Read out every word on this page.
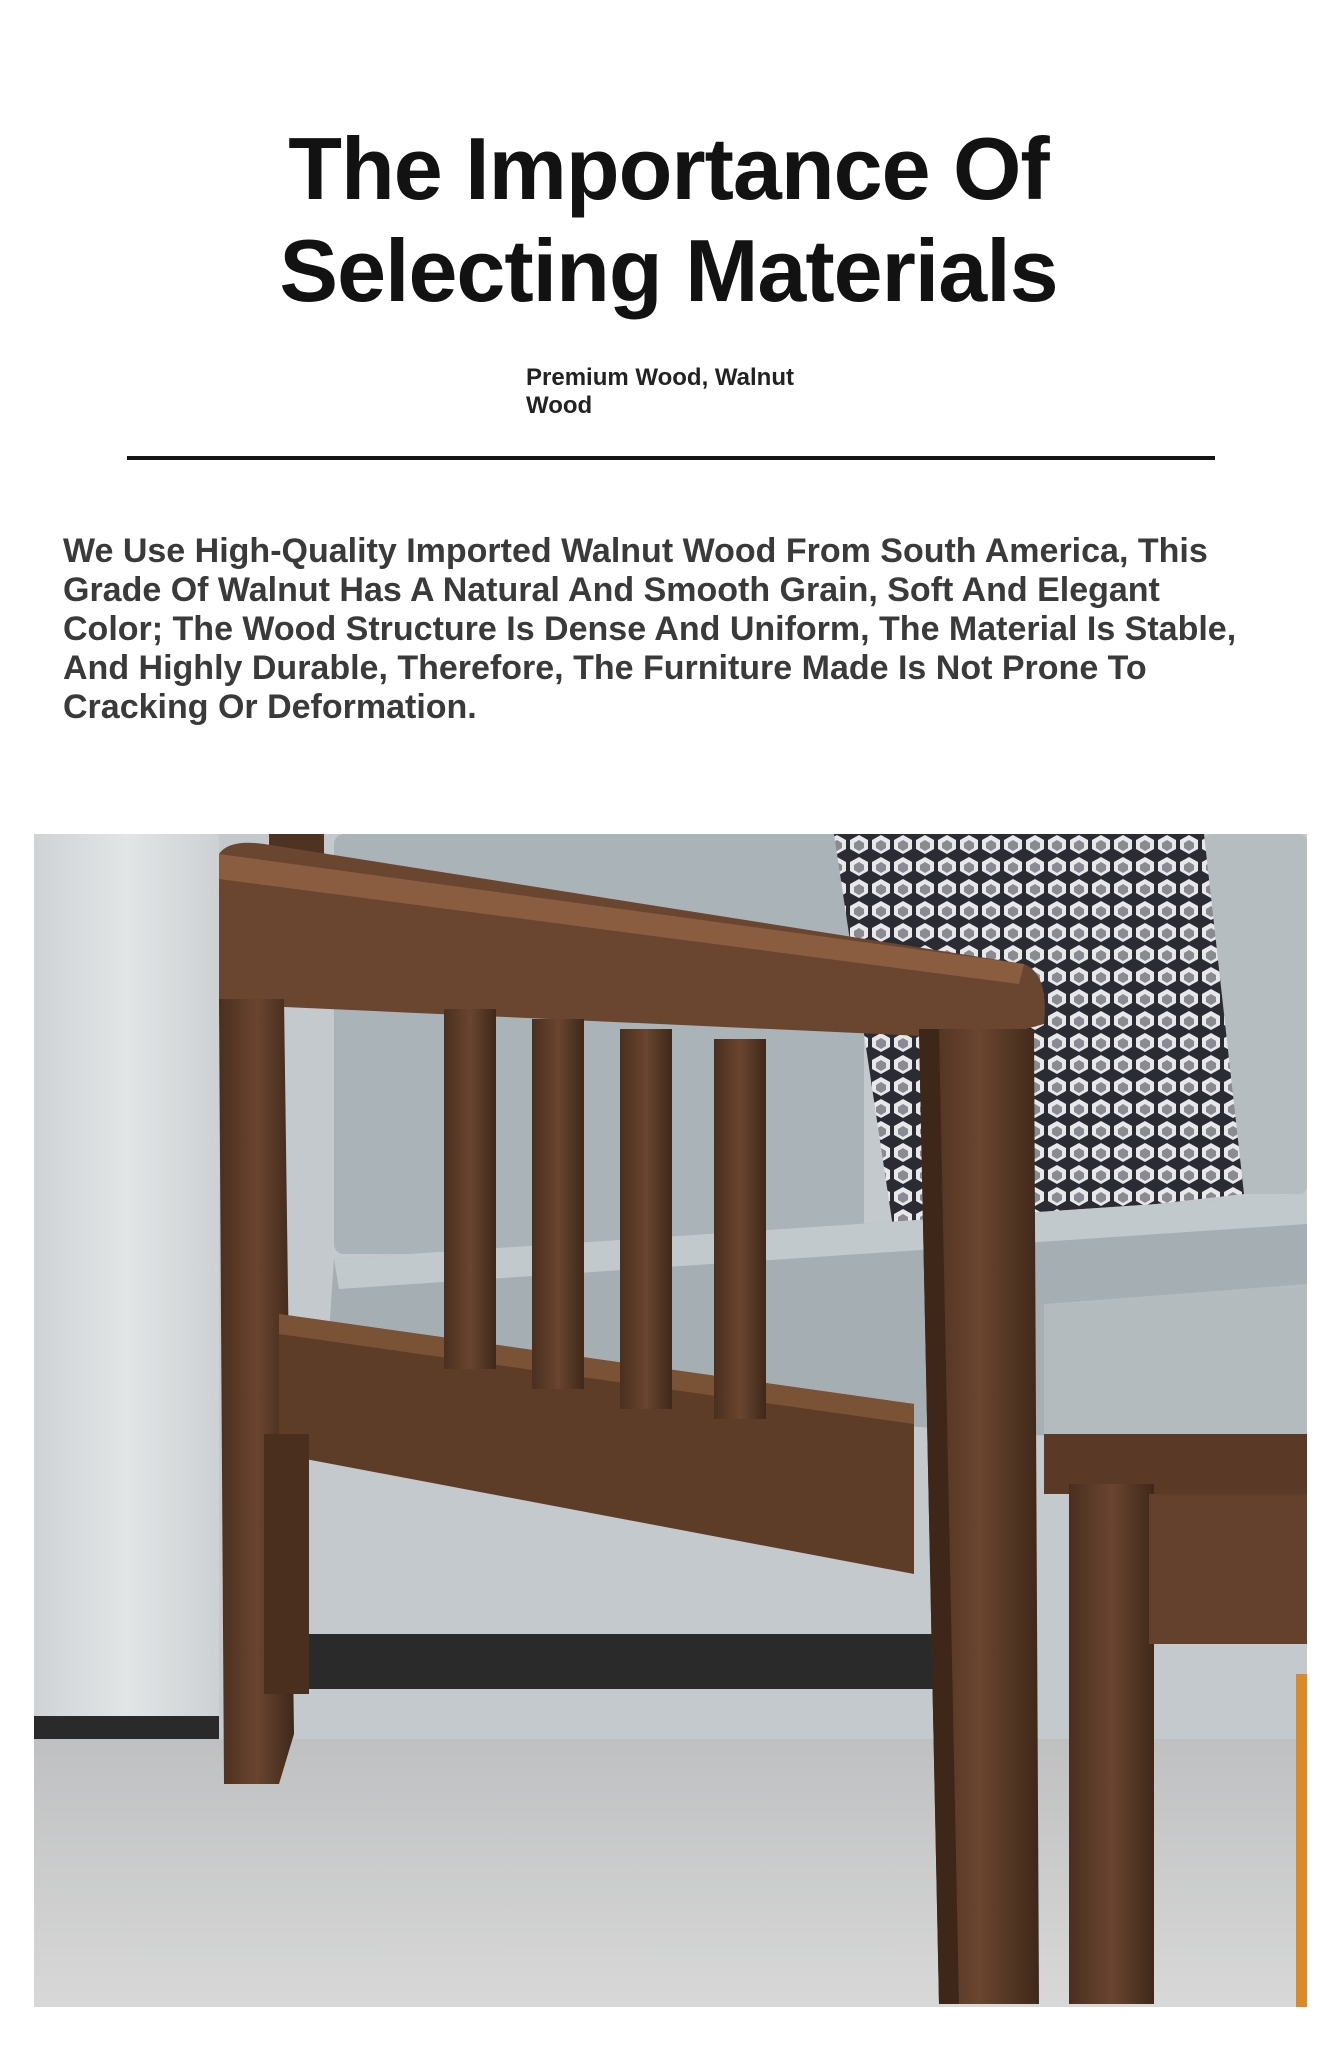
The Importance Of
Selecting Materials

Premium Wood, Walnut
Wood

We Use High-Quality Imported Walnut Wood From South America, This Grade Of Walnut Has A Natural And Smooth Grain, Soft And Elegant Color; The Wood Structure Is Dense And Uniform, The Material Is Stable, And Highly Durable, Therefore, The Furniture Made Is Not Prone To Cracking Or Deformation.
